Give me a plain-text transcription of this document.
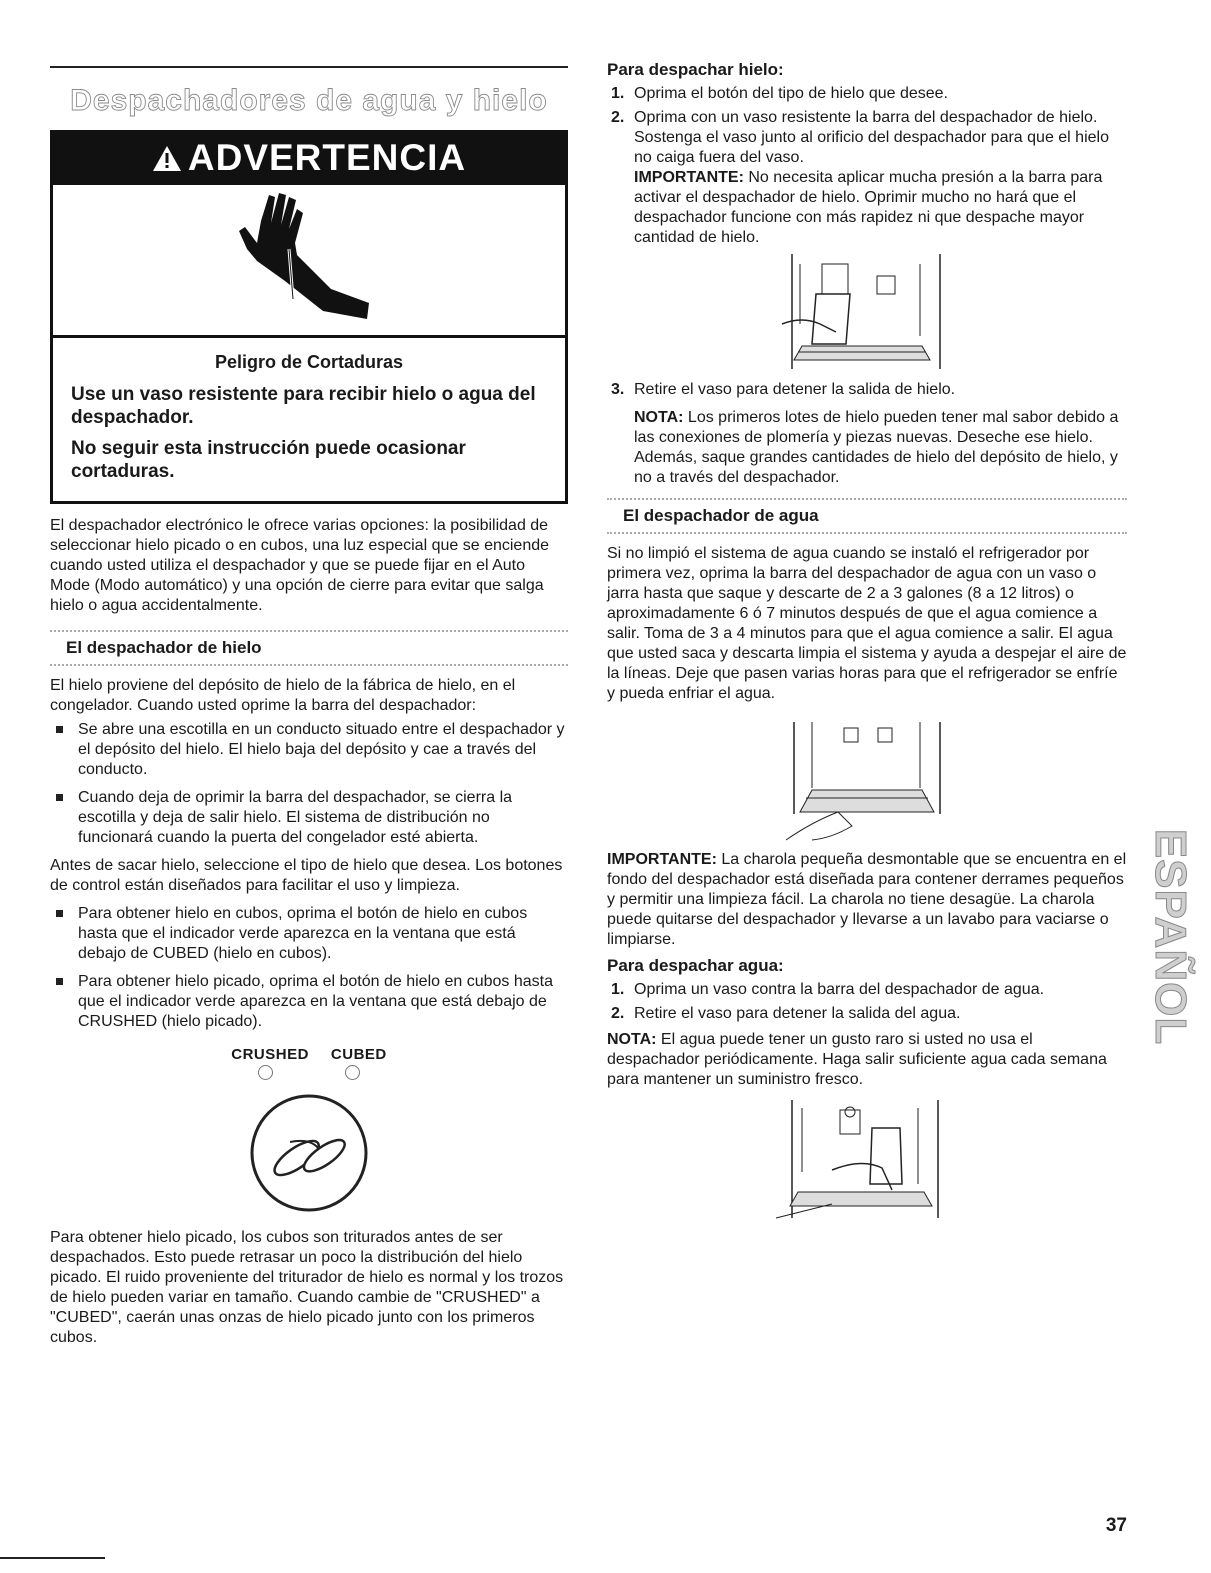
Despachadores de agua y hielo
ADVERTENCIA
Peligro de Cortaduras

Use un vaso resistente para recibir hielo o agua del despachador.

No seguir esta instrucción puede ocasionar cortaduras.

El despachador electrónico le ofrece varias opciones: la posibilidad de seleccionar hielo picado o en cubos, una luz especial que se enciende cuando usted utiliza el despachador y que se puede fijar en el Auto Mode (Modo automático) y una opción de cierre para evitar que salga hielo o agua accidentalmente.

El despachador de hielo

El hielo proviene del depósito de hielo de la fábrica de hielo, en el congelador. Cuando usted oprime la barra del despachador:

Se abre una escotilla en un conducto situado entre el despachador y el depósito del hielo. El hielo baja del depósito y cae a través del conducto.
Cuando deja de oprimir la barra del despachador, se cierra la escotilla y deja de salir hielo. El sistema de distribución no funcionará cuando la puerta del congelador esté abierta.

Antes de sacar hielo, seleccione el tipo de hielo que desea. Los botones de control están diseñados para facilitar el uso y limpieza.

Para obtener hielo en cubos, oprima el botón de hielo en cubos hasta que el indicador verde aparezca en la ventana que está debajo de CUBED (hielo en cubos).
Para obtener hielo picado, oprima el botón de hielo en cubos hasta que el indicador verde aparezca en la ventana que está debajo de CRUSHED (hielo picado).
CRUSHED CUBED

Para obtener hielo picado, los cubos son triturados antes de ser despachados. Esto puede retrasar un poco la distribución del hielo picado. El ruido proveniente del triturador de hielo es normal y los trozos de hielo pueden variar en tamaño. Cuando cambie de "CRUSHED" a "CUBED", caerán unas onzas de hielo picado junto con los primeros cubos.

Para despachar hielo:
1. Oprima el botón del tipo de hielo que desee.
2. Oprima con un vaso resistente la barra del despachador de hielo. Sostenga el vaso junto al orificio del despachador para que el hielo no caiga fuera del vaso.
IMPORTANTE: No necesita aplicar mucha presión a la barra para activar el despachador de hielo. Oprimir mucho no hará que el despachador funcione con más rapidez ni que despache mayor cantidad de hielo.
3. Retire el vaso para detener la salida de hielo.
NOTA: Los primeros lotes de hielo pueden tener mal sabor debido a las conexiones de plomería y piezas nuevas. Deseche ese hielo. Además, saque grandes cantidades de hielo del depósito de hielo, y no a través del despachador.
El despachador de agua

Si no limpió el sistema de agua cuando se instaló el refrigerador por primera vez, oprima la barra del despachador de agua con un vaso o jarra hasta que saque y descarte de 2 a 3 galones (8 a 12 litros) o aproximadamente 6 ó 7 minutos después de que el agua comience a salir. Toma de 3 a 4 minutos para que el agua comience a salir. El agua que usted saca y descarta limpia el sistema y ayuda a despejar el aire de la líneas. Deje que pasen varias horas para que el refrigerador se enfríe y pueda enfriar el agua.

IMPORTANTE: La charola pequeña desmontable que se encuentra en el fondo del despachador está diseñada para contener derrames pequeños y permitir una limpieza fácil. La charola no tiene desagüe. La charola puede quitarse del despachador y llevarse a un lavabo para vaciarse o limpiarse.

Para despachar agua:
1. Oprima un vaso contra la barra del despachador de agua.
2. Retire el vaso para detener la salida del agua.

NOTA: El agua puede tener un gusto raro si usted no usa el despachador periódicamente. Haga salir suficiente agua cada semana para mantener un suministro fresco.

ESPAÑOL
37
